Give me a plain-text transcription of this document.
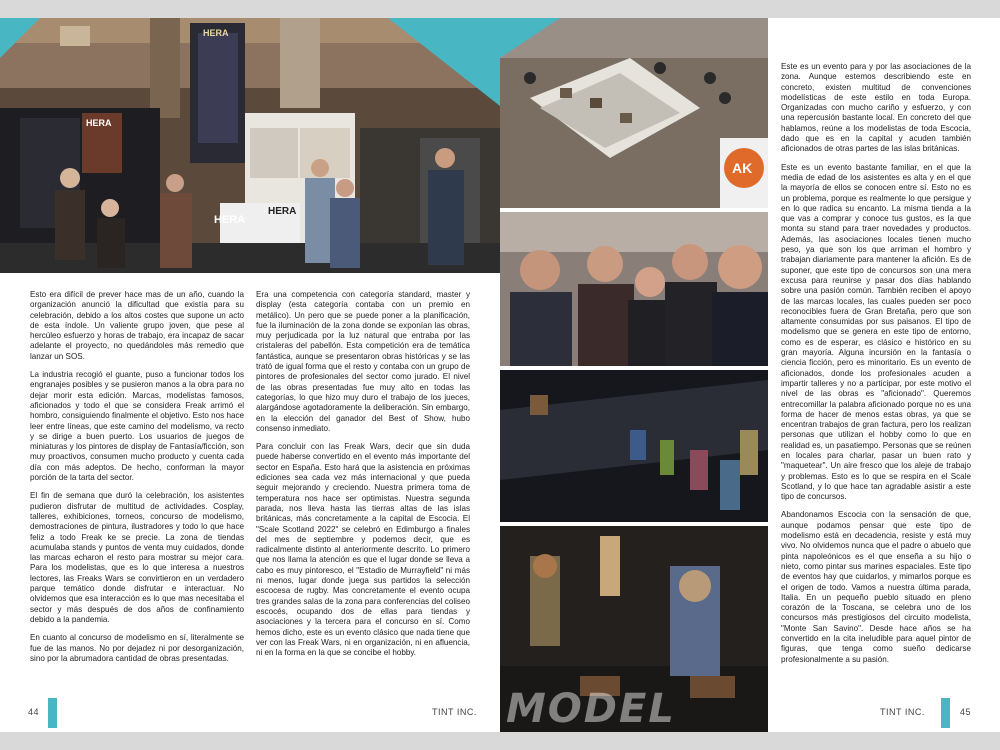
HERA
HERA
HERA
HERA

Esto era difícil de prever hace mas de un año, cuando la organización anunció la dificultad que existía para su celebración, debido a los altos costes que supone un acto de esta índole. Un valiente grupo joven, que pese al hercúleo esfuerzo y horas de trabajo, era incapaz de sacar adelante el proyecto, no quedándoles más remedio que lanzar un SOS.

La industria recogió el guante, puso a funcionar todos los engranajes posibles y se pusieron manos a la obra para no dejar morir esta edición. Marcas, modelistas famosos, aficionados y todo el que se considera Freak arrimó el hombro, consiguiendo finalmente el objetivo. Esto nos hace leer entre líneas, que este camino del modelismo, va recto y se dirige a buen puerto. Los usuarios de juegos de miniaturas y los pintores de display de Fantasía/ficción, son muy proactivos, consumen mucho producto y cuenta cada día con más adeptos. De hecho, conforman la mayor porción de la tarta del sector.

El fin de semana que duró la celebración, los asistentes pudieron disfrutar de multitud de actividades. Cosplay, talleres, exhibiciones, torneos, concurso de modelismo, demostraciones de pintura, ilustradores y todo lo que hace feliz a todo Freak ke se precie. La zona de tiendas acumulaba stands y puntos de venta muy cuidados, donde las marcas echaron el resto para mostrar su mejor cara. Para los modelistas, que es lo que interesa a nuestros lectores, las Freaks Wars se convirtieron en un verdadero parque temático donde disfrutar e interactuar. No olvidemos que esa interacción es lo que mas necesitaba el sector y más después de dos años de confinamiento debido a la pandemia.

En cuanto al concurso de modelismo en sí, literalmente se fue de las manos. No por dejadez ni por desorganización, sino por la abrumadora cantidad de obras presentadas.

Era una competencia con categoría standard, master y display (esta categoría contaba con un premio en metálico). Un pero que se puede poner a la planificación, fue la iluminación de la zona donde se exponían las obras, muy perjudicada por la luz natural que entraba por las cristaleras del pabellón. Esta competición era de temática fantástica, aunque se presentaron obras históricas y se las trató de igual forma que el resto y contaba con un grupo de pintores de profesionales del sector como jurado. El nivel de las obras presentadas fue muy alto en todas las categorías, lo que hizo muy duro el trabajo de los jueces, alargándose agotadoramente la deliberación. Sin embargo, en la elección del ganador del Best of Show, hubo consenso inmediato.

Para concluir con las Freak Wars, decir que sin duda puede haberse convertido en el evento más importante del sector en España. Esto hará que la asistencia en próximas ediciones sea cada vez más internacional y que pueda seguir mejorando y creciendo. Nuestra primera toma de temperatura nos hace ser optimistas. Nuestra segunda parada, nos lleva hasta las tierras altas de las islas británicas, más concretamente a la capital de Escocia. El "Scale Scotland 2022" se celebró en Edimburgo a finales del mes de septiembre y podemos decir, que es radicalmente distinto al anteriormente descrito. Lo primero que nos llama la atención es que el lugar donde se lleva a cabo es muy pintoresco, el "Estadio de Murrayfield" ni más ni menos, lugar donde juega sus partidos la selección escocesa de rugby. Mas concretamente el evento ocupa tres grandes salas de la zona para conferencias del coliseo escocés, ocupando dos de ellas para tiendas y asociaciones y la tercera para el concurso en sí. Como hemos dicho, este es un evento clásico que nada tiene que ver con las Freak Wars, ni en organización, ni en afluencia, ni en la forma en la que se concibe el hobby.

44	TINT INC.
AK
MODEL

Este es un evento para y por las asociaciones de la zona. Aunque estemos describiendo este en concreto, existen multitud de convenciones modelísticas de este estilo en toda Europa. Organizadas con mucho cariño y esfuerzo, y con una repercusión bastante local. En concreto del que hablamos, reúne a los modelistas de toda Escocia, dado que es en la capital y acuden también aficionados de otras partes de las islas británicas.

Este es un evento bastante familiar, en el que la media de edad de los asistentes es alta y en el que la mayoría de ellos se conocen entre sí. Esto no es un problema, porque es realmente lo que persigue y en lo que radica su encanto. La misma tienda a la que vas a comprar y conoce tus gustos, es la que monta su stand para traer novedades y productos. Además, las asociaciones locales tienen mucho peso, ya que son los que arriman el hombro y trabajan diariamente para mantener la afición. Es de suponer, que este tipo de concursos son una mera excusa para reunirse y pasar dos días hablando sobre una pasión común. También reciben el apoyo de las marcas locales, las cuales pueden ser poco reconocibles fuera de Gran Bretaña, pero que son altamente consumidas por sus paisanos. El tipo de modelismo que se genera en este tipo de entorno, como es de esperar, es clásico e histórico en su gran mayoría. Alguna incursión en la fantasía o ciencia ficción, pero es minoritario. Es un evento de aficionados, donde los profesionales acuden a impartir talleres y no a participar, por este motivo el nivel de las obras es "aficionado". Queremos entrecomillar la palabra aficionado porque no es una forma de hacer de menos estas obras, ya que se encentran trabajos de gran factura, pero los realizan personas que utilizan el hobby como lo que en realidad es, un pasatiempo. Personas que se reúnen en locales para charlar, pasar un buen rato y "maquetear". Un aire fresco que los aleje de trabajo y problemas. Esto es lo que se respira en el Scale Scotland, y lo que hace tan agradable asistir a este tipo de concursos.

Abandonamos Escocia con la sensación de que, aunque podamos pensar que este tipo de modelismo está en decadencia, resiste y está muy vivo. No olvidemos nunca que el padre o abuelo que pinta napoleónicos es el que enseña a su hijo o nieto, como pintar sus marines espaciales. Este tipo de eventos hay que cuidarlos, y mimarlos porque es el origen de todo. Vamos a nuestra última parada, Italia. En un pequeño pueblo situado en pleno corazón de la Toscana, se celebra uno de los concursos más prestigiosos del circuito modelista, "Monte San Savino". Desde hace años se ha convertido en la cita ineludible para aquel pintor de figuras, que tenga como sueño dedicarse profesionalmente a su pasión.

TINT INC.	45
